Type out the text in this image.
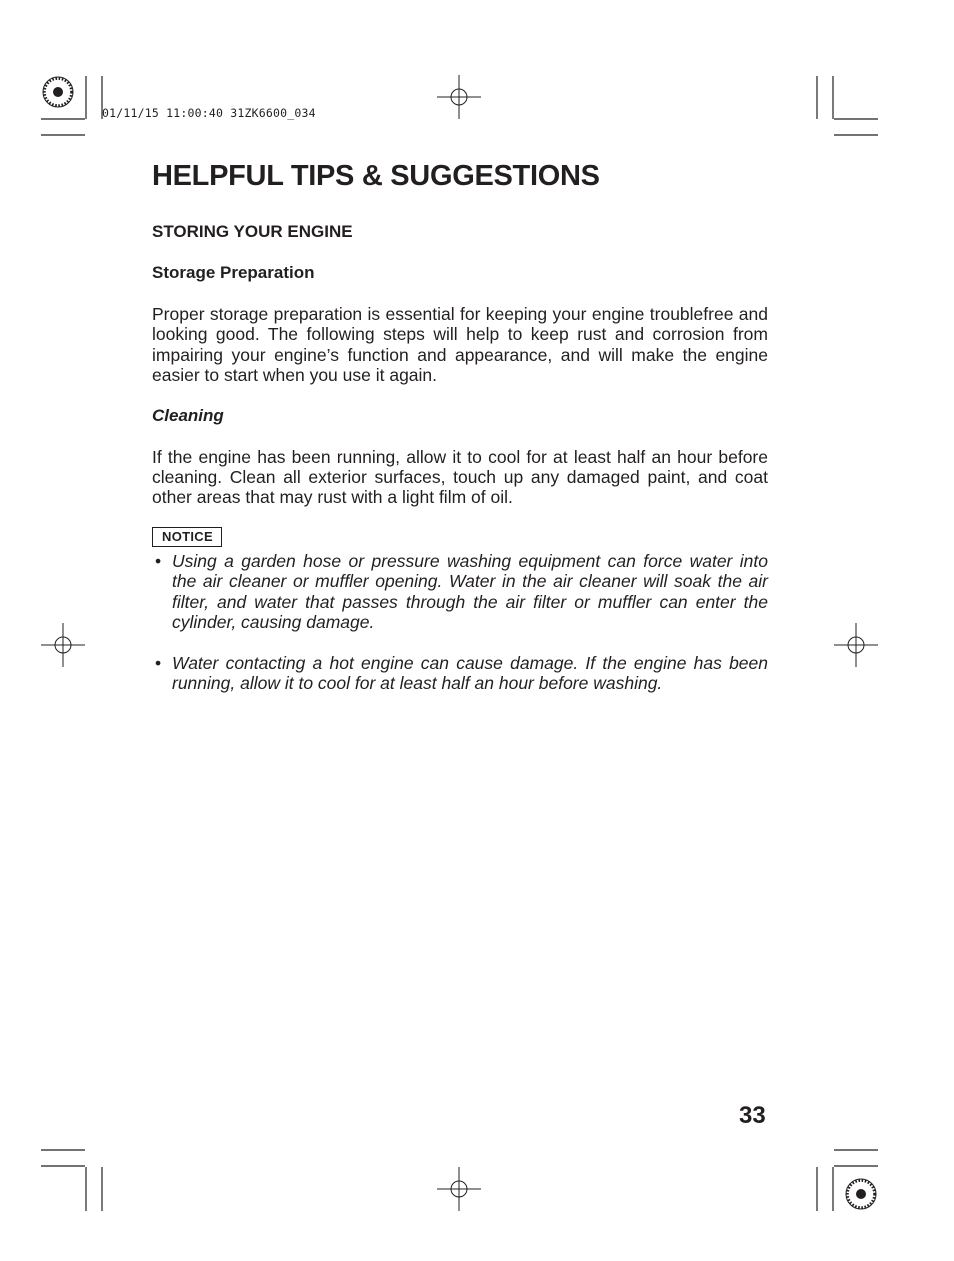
01/11/15 11:00:40 31ZK6600_034
HELPFUL TIPS & SUGGESTIONS
STORING YOUR ENGINE
Storage Preparation

Proper storage preparation is essential for keeping your engine troublefree and looking good. The following steps will help to keep rust and corrosion from impairing your engine’s function and appearance, and will make the engine easier to start when you use it again.

Cleaning

If the engine has been running, allow it to cool for at least half an hour before cleaning. Clean all exterior surfaces, touch up any damaged paint, and coat other areas that may rust with a light film of oil.

NOTICE
• Using a garden hose or pressure washing equipment can force water into the air cleaner or muffler opening. Water in the air cleaner will soak the air filter, and water that passes through the air filter or muffler can enter the cylinder, causing damage.
• Water contacting a hot engine can cause damage. If the engine has been running, allow it to cool for at least half an hour before washing.
33
